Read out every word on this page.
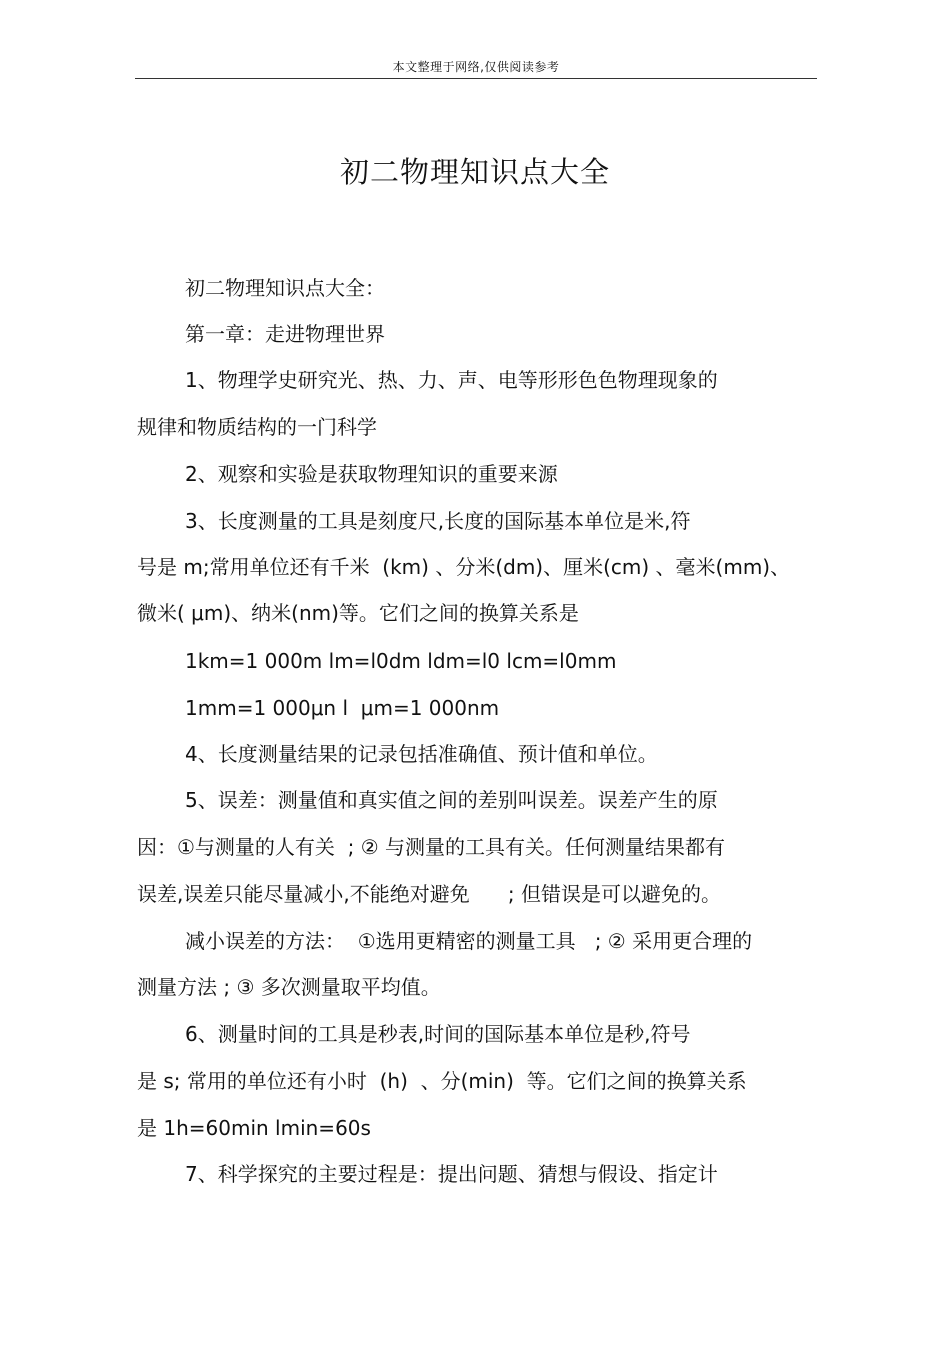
本文整理于网络,仅供阅读参考
初二物理知识点大全
初二物理知识点大全：
第一章：走进物理世界
1、物理学史研究光、热、力、声、电等形形色色物理现象的
规律和物质结构的一门科学
2、观察和实验是获取物理知识的重要来源
3、长度测量的工具是刻度尺,长度的国际基本单位是米,符
号是 m;常用单位还有千米  (km) 、分米(dm)、厘米(cm) 、毫米(mm)、
微米( μm)、纳米(nm)等。它们之间的换算关系是
1km=1 000m lm=l0dm ldm=l0 lcm=l0mm
1mm=1 000μn l  μm=1 000nm
4、长度测量结果的记录包括准确值、预计值和单位。
5、误差：测量值和真实值之间的差别叫误差。误差产生的原
因：①与测量的人有关  ; ② 与测量的工具有关。任何测量结果都有
误差,误差只能尽量减小,不能绝对避免      ; 但错误是可以避免的。
减小误差的方法：  ①选用更精密的测量工具   ; ② 采用更合理的
测量方法 ; ③ 多次测量取平均值。
6、测量时间的工具是秒表,时间的国际基本单位是秒,符号
是 s; 常用的单位还有小时  (h)  、分(min)  等。它们之间的换算关系
是 1h=60min lmin=60s
7、科学探究的主要过程是：提出问题、猜想与假设、指定计
